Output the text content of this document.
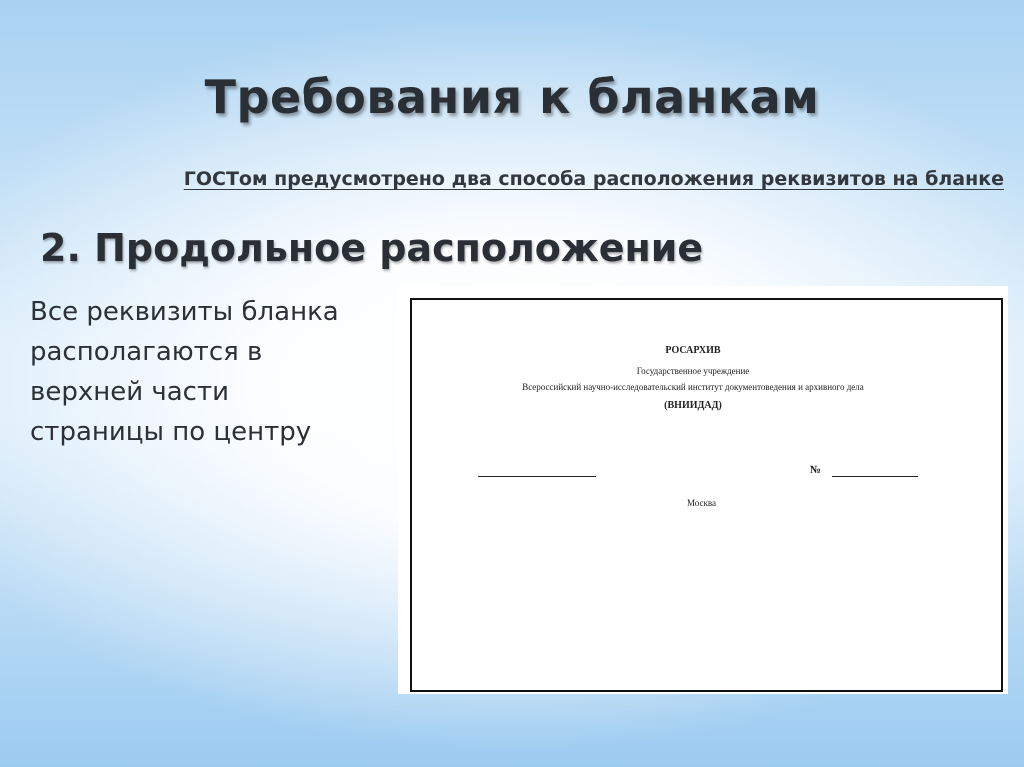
Требования к бланкам
ГОСТом предусмотрено два способа расположения реквизитов на бланке
2. Продольное расположение
Все реквизиты бланка
располагаются в
верхней части
страницы по центру
РОСАРХИВ
Государственное учреждение
Всероссийский научно-исследовательский институт документоведения и архивного дела
(ВНИИДАД)
№
Москва
